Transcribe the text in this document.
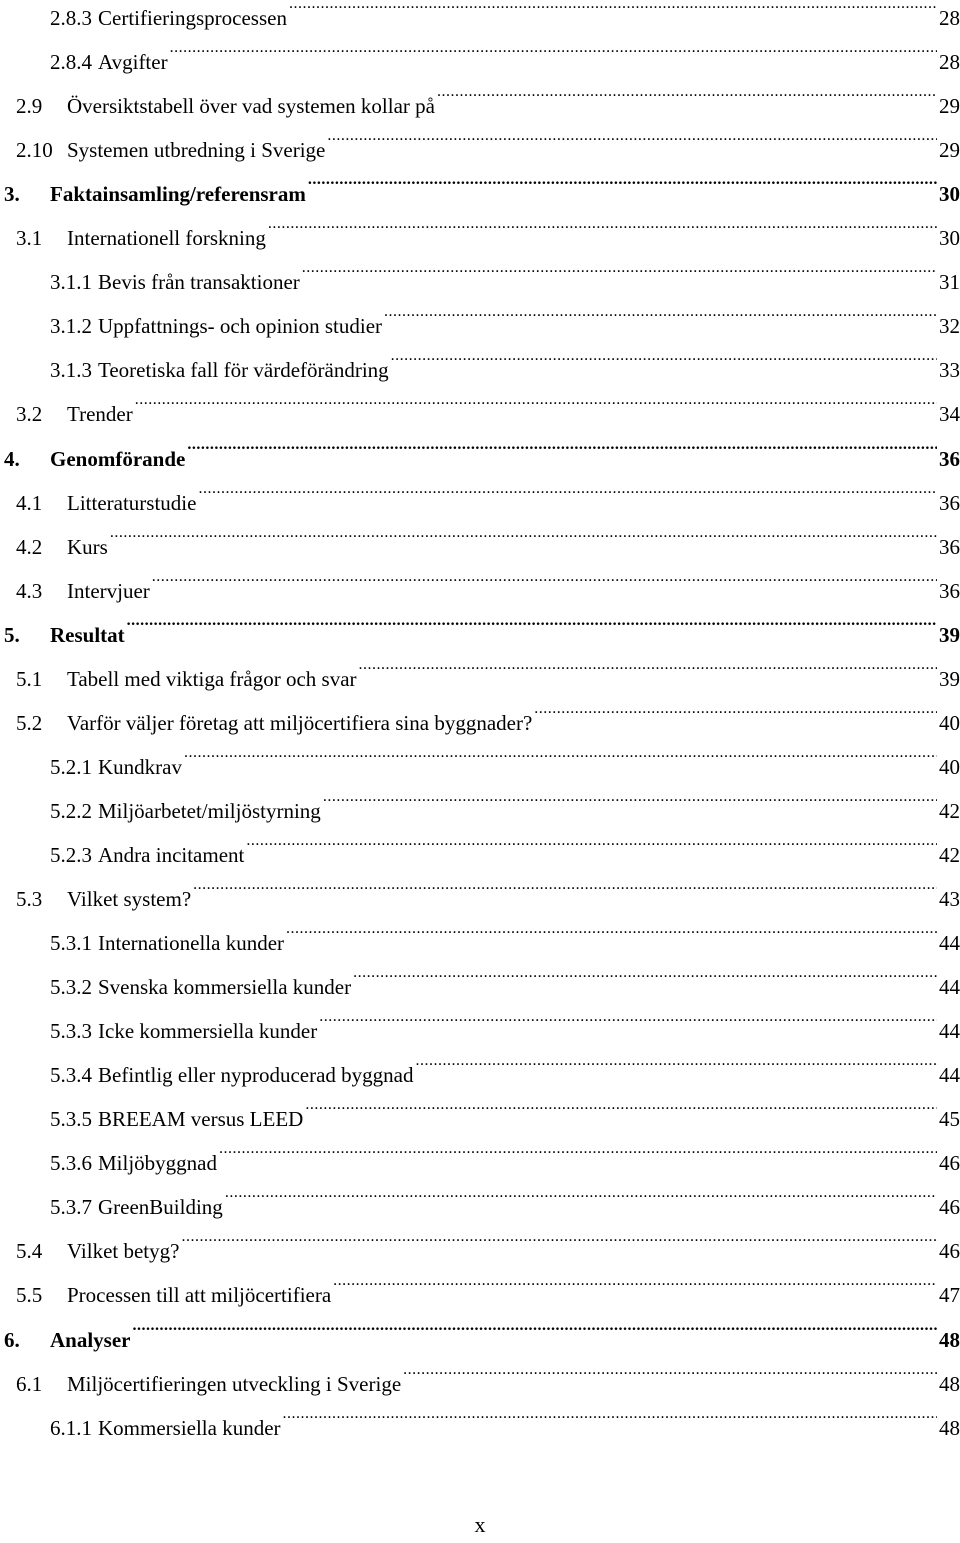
2.8.3 Certifieringsprocessen .....	28
2.8.4 Avgifter .....	28
2.9	Översiktstabell över vad systemen kollar på .....	29
2.10 Systemen utbredning i Sverige .....	29
3.	Faktainsamling/referensram .....	30
3.1	Internationell forskning .....	30
3.1.1 Bevis från transaktioner .....	31
3.1.2 Uppfattnings- och opinion studier .....	32
3.1.3 Teoretiska fall för värdeförändring .....	33
3.2	Trender .....	34
4.	Genomförande .....	36
4.1	Litteraturstudie .....	36
4.2	Kurs .....	36
4.3	Intervjuer .....	36
5.	Resultat .....	39
5.1	Tabell med viktiga frågor och svar .....	39
5.2	Varför väljer företag att miljöcertifiera sina byggnader? .....	40
5.2.1 Kundkrav .....	40
5.2.2 Miljöarbetet/miljöstyrning .....	42
5.2.3 Andra incitament .....	42
5.3	Vilket system? .....	43
5.3.1 Internationella kunder .....	44
5.3.2 Svenska kommersiella kunder .....	44
5.3.3 Icke kommersiella kunder .....	44
5.3.4 Befintlig eller nyproducerad byggnad .....	44
5.3.5 BREEAM versus LEED .....	45
5.3.6 Miljöbyggnad .....	46
5.3.7 GreenBuilding .....	46
5.4	Vilket betyg? .....	46
5.5	Processen till att miljöcertifiera .....	47
6.	Analyser .....	48
6.1	Miljöcertifieringen utveckling i Sverige .....	48
6.1.1 Kommersiella kunder .....	48
x
